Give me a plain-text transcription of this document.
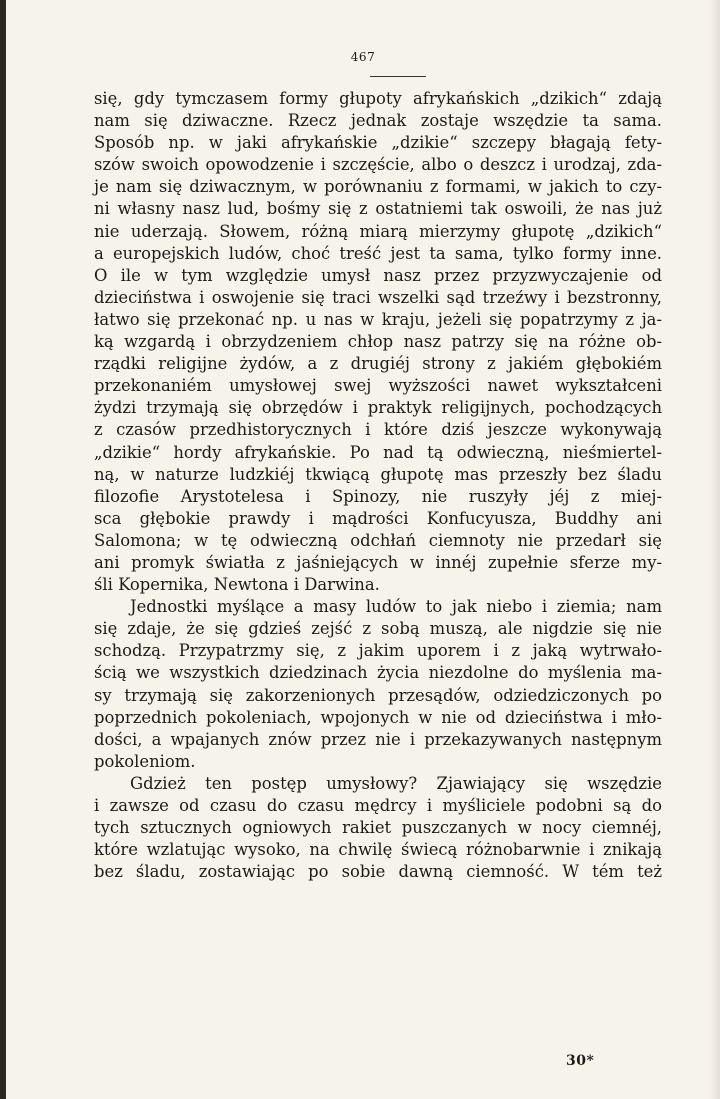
467
się, gdy tymczasem formy głupoty afrykańskich „dzikich“ zdają
nam się dziwaczne. Rzecz jednak zostaje wszędzie ta sama.
Sposób np. w jaki afrykańskie „dzikie“ szczepy błagają fety-
szów swoich opowodzenie i szczęście, albo o deszcz i urodzaj, zda-
je nam się dziwacznym, w porównaniu z formami, w jakich to czy-
ni własny nasz lud, bośmy się z ostatniemi tak oswoili, że nas już
nie uderzają. Słowem, różną miarą mierzymy głupotę „dzikich“
a europejskich ludów, choć treść jest ta sama, tylko formy inne.
O ile w tym względzie umysł nasz przez przyzwyczajenie od
dzieciństwa i oswojenie się traci wszelki sąd trzeźwy i bezstronny,
łatwo się przekonać np. u nas w kraju, jeżeli się popatrzymy z ja-
ką wzgardą i obrzydzeniem chłop nasz patrzy się na różne ob-
rządki religijne żydów, a z drugiéj strony z jakiém głębokiém
przekonaniém umysłowej swej wyższości nawet wykształceni
żydzi trzymają się obrzędów i praktyk religijnych, pochodzących
z czasów przedhistorycznych i które dziś jeszcze wykonywają
„dzikie“ hordy afrykańskie. Po nad tą odwieczną, nieśmiertel-
ną, w naturze ludzkiéj tkwiącą głupotę mas przeszły bez śladu
filozofie Arystotelesa i Spinozy, nie ruszyły jéj z miej-
sca głębokie prawdy i mądrości Konfucyusza, Buddhy ani
Salomona; w tę odwieczną odchłań ciemnoty nie przedarł się
ani promyk światła z jaśniejących w innéj zupełnie sferze my-
śli Kopernika, Newtona i Darwina.
Jednostki myślące a masy ludów to jak niebo i ziemia; nam
się zdaje, że się gdzieś zejść z sobą muszą, ale nigdzie się nie
schodzą. Przypatrzmy się, z jakim uporem i z jaką wytrwało-
ścią we wszystkich dziedzinach życia niezdolne do myślenia ma-
sy trzymają się zakorzenionych przesądów, odziedziczonych po
poprzednich pokoleniach, wpojonych w nie od dzieciństwa i mło-
dości, a wpajanych znów przez nie i przekazywanych następnym
pokoleniom.
Gdzież ten postęp umysłowy? Zjawiający się wszędzie
i zawsze od czasu do czasu mędrcy i myśliciele podobni są do
tych sztucznych ogniowych rakiet puszczanych w nocy ciemnéj,
które wzlatując wysoko, na chwilę świecą różnobarwnie i znikają
bez śladu, zostawiając po sobie dawną ciemność. W tém też
30*
